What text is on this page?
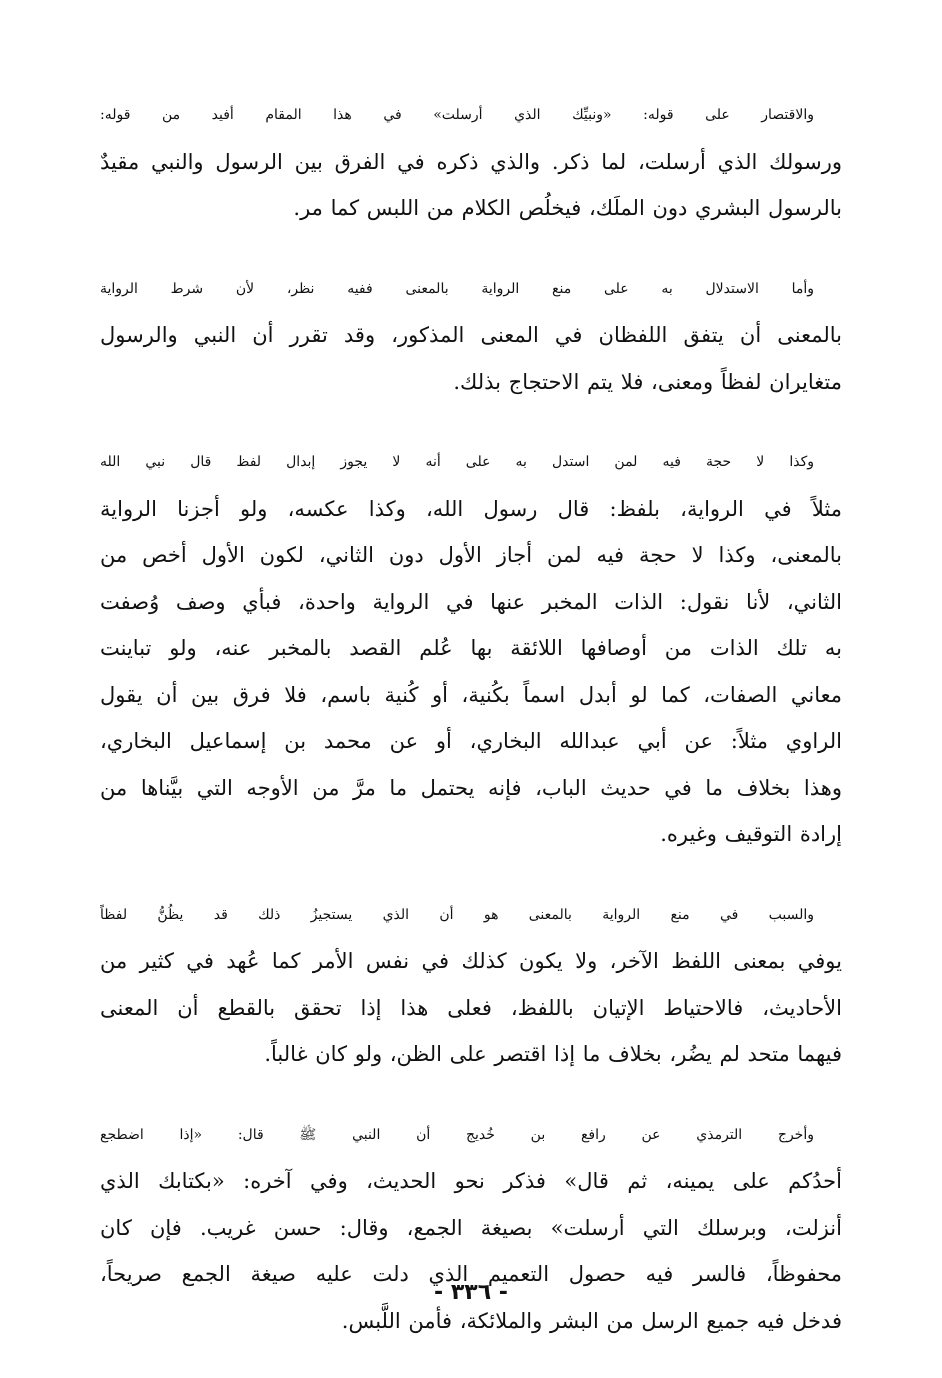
والاقتصار على قوله: «ونبيِّك الذي أرسلت» في هذا المقام أفيد من قوله:
ورسولك الذي أرسلت، لما ذكر. والذي ذكره في الفرق بين الرسول والنبي مقيدٌ
بالرسول البشري دون الملَك، فيخلُص الكلام من اللبس كما مر.

وأما الاستدلال به على منع الرواية بالمعنى ففيه نظر، لأن شرط الرواية
بالمعنى أن يتفق اللفظان في المعنى المذكور، وقد تقرر أن النبي والرسول
متغايران لفظاً ومعنى، فلا يتم الاحتجاج بذلك.

وكذا لا حجة فيه لمن استدل به على أنه لا يجوز إبدال لفظ قال نبي الله
مثلاً في الرواية، بلفظ: قال رسول الله، وكذا عكسه، ولو أجزنا الرواية
بالمعنى، وكذا لا حجة فيه لمن أجاز الأول دون الثاني، لكون الأول أخص من
الثاني، لأنا نقول: الذات المخبر عنها في الرواية واحدة، فبأي وصف وُصفت
به تلك الذات من أوصافها اللائقة بها عُلم القصد بالمخبر عنه، ولو تباينت
معاني الصفات، كما لو أبدل اسماً بكُنية، أو كُنية باسم، فلا فرق بين أن يقول
الراوي مثلاً: عن أبي عبدالله البخاري، أو عن محمد بن إسماعيل البخاري،
وهذا بخلاف ما في حديث الباب، فإنه يحتمل ما مرَّ من الأوجه التي بيَّناها من
إرادة التوقيف وغيره.

والسبب في منع الرواية بالمعنى هو أن الذي يستجيزُ ذلك قد يظُنُّ لفظاً
يوفي بمعنى اللفظ الآخر، ولا يكون كذلك في نفس الأمر كما عُهد في كثير من
الأحاديث، فالاحتياط الإتيان باللفظ، فعلى هذا إذا تحقق بالقطع أن المعنى
فيهما متحد لم يضُر، بخلاف ما إذا اقتصر على الظن، ولو كان غالباً.

وأخرج الترمذي عن رافع بن خُديج أن النبي ﷺ قال: «إذا اضطجع
أحدُكم على يمينه، ثم قال» فذكر نحو الحديث، وفي آخره: «بكتابك الذي
أنزلت، وبرسلك التي أرسلت» بصيغة الجمع، وقال: حسن غريب. فإن كان
محفوظاً، فالسر فيه حصول التعميم الذي دلت عليه صيغة الجمع صريحاً،
فدخل فيه جميع الرسل من البشر والملائكة، فأمن اللَّبس.

- ٣٣٦ -
